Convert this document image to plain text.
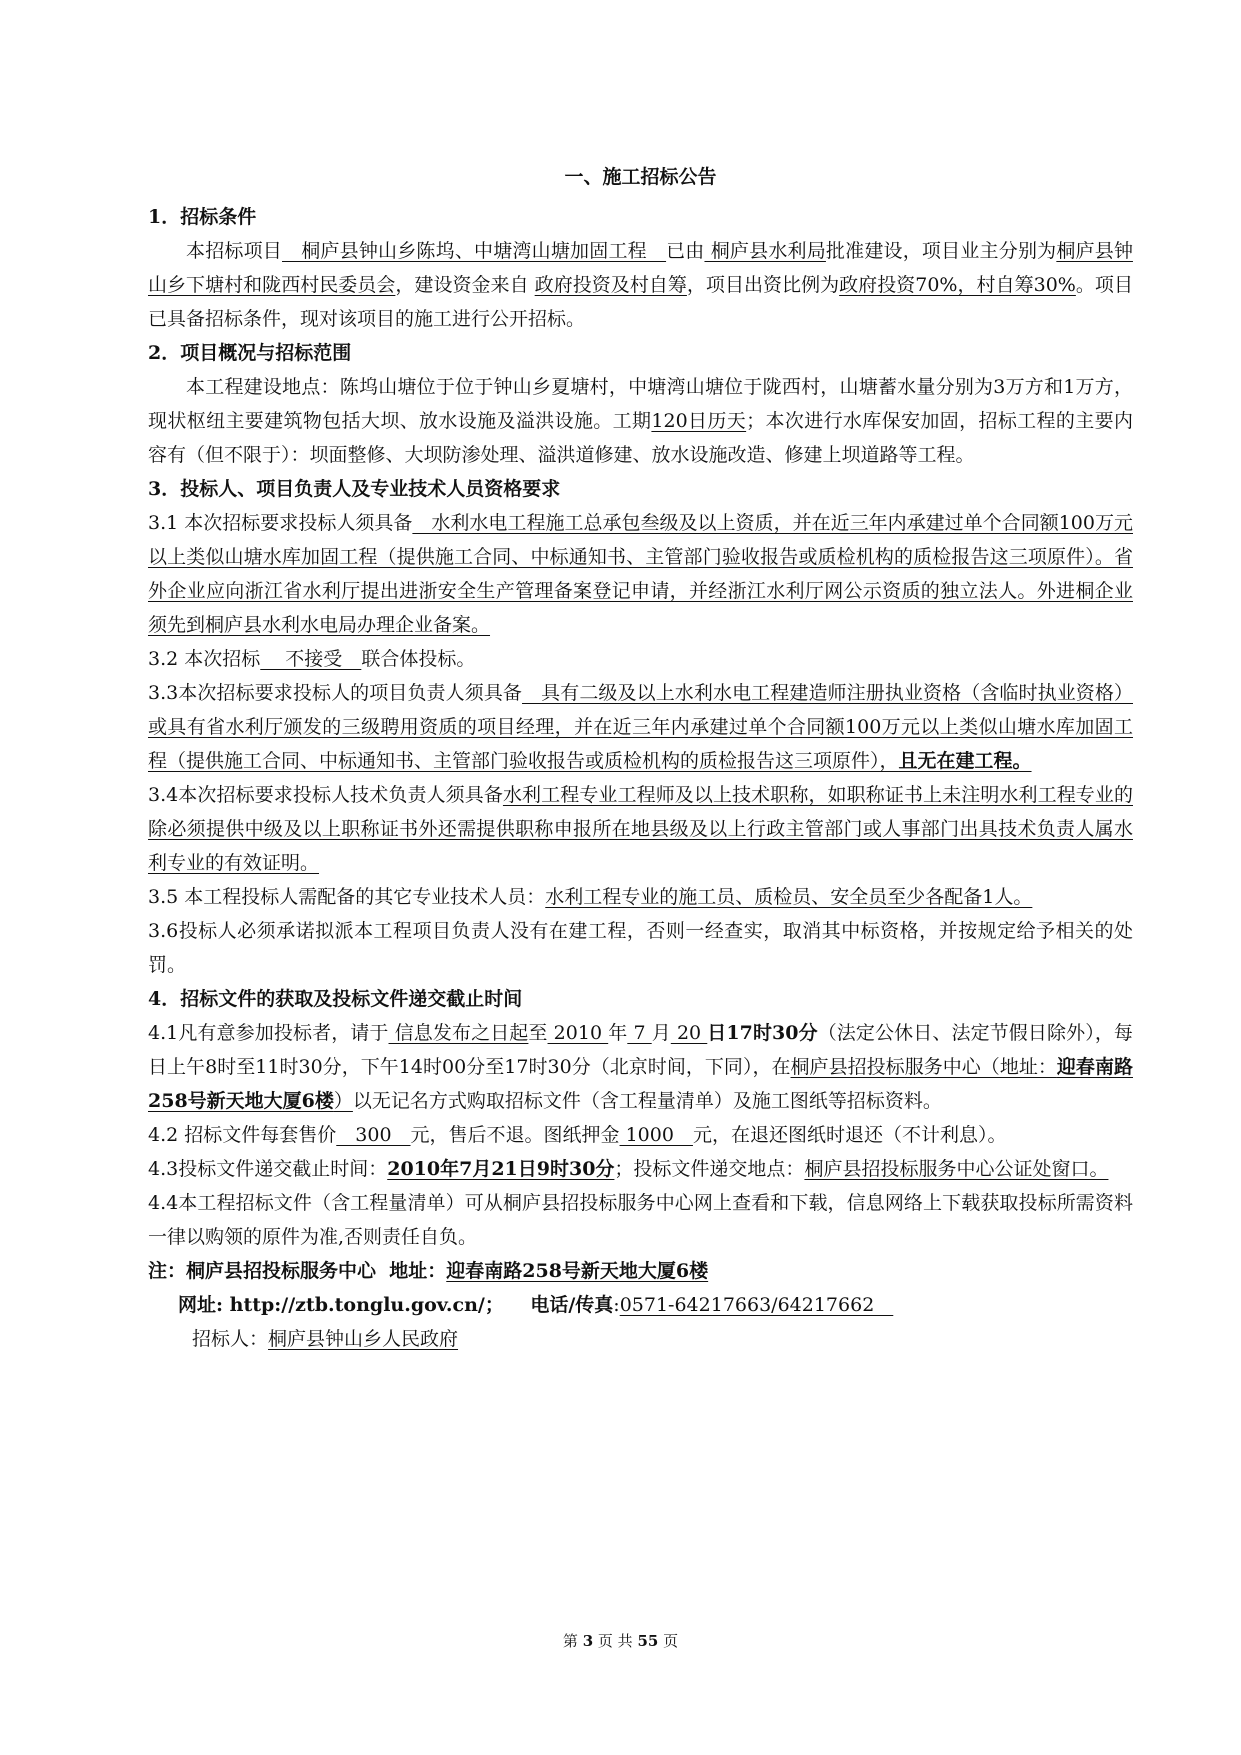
一、施工招标公告
1．招标条件

本招标项目　桐庐县钟山乡陈坞、中塘湾山塘加固工程　已由 桐庐县水利局批准建设，项目业主分别为桐庐县钟山乡下塘村和陇西村民委员会，建设资金来自 政府投资及村自筹，项目出资比例为政府投资70%，村自筹30%。项目已具备招标条件，现对该项目的施工进行公开招标。

2．项目概况与招标范围

本工程建设地点：陈坞山塘位于位于钟山乡夏塘村，中塘湾山塘位于陇西村，山塘蓄水量分别为3万方和1万方，现状枢纽主要建筑物包括大坝、放水设施及溢洪设施。工期120日历天；本次进行水库保安加固，招标工程的主要内容有（但不限于）：坝面整修、大坝防渗处理、溢洪道修建、放水设施改造、修建上坝道路等工程。

3．投标人、项目负责人及专业技术人员资格要求

3.1 本次招标要求投标人须具备　水利水电工程施工总承包叁级及以上资质，并在近三年内承建过单个合同额100万元以上类似山塘水库加固工程（提供施工合同、中标通知书、主管部门验收报告或质检机构的质检报告这三项原件）。省外企业应向浙江省水利厅提出进浙安全生产管理备案登记申请，并经浙江水利厅网公示资质的独立法人。外进桐企业须先到桐庐县水利水电局办理企业备案。

3.2 本次招标　 不接受　联合体投标。

3.3本次招标要求投标人的项目负责人须具备　具有二级及以上水利水电工程建造师注册执业资格（含临时执业资格）或具有省水利厅颁发的三级聘用资质的项目经理，并在近三年内承建过单个合同额100万元以上类似山塘水库加固工程（提供施工合同、中标通知书、主管部门验收报告或质检机构的质检报告这三项原件），且无在建工程。

3.4本次招标要求投标人技术负责人须具备水利工程专业工程师及以上技术职称，如职称证书上未注明水利工程专业的除必须提供中级及以上职称证书外还需提供职称申报所在地县级及以上行政主管部门或人事部门出具技术负责人属水利专业的有效证明。

3.5 本工程投标人需配备的其它专业技术人员：水利工程专业的施工员、质检员、安全员至少各配备1人。

3.6投标人必须承诺拟派本工程项目负责人没有在建工程，否则一经查实，取消其中标资格，并按规定给予相关的处罚。

4．招标文件的获取及投标文件递交截止时间

4.1凡有意参加投标者，请于 信息发布之日起至 2010 年 7 月 20 日17时30分（法定公休日、法定节假日除外），每日上午8时至11时30分，下午14时00分至17时30分（北京时间，下同），在桐庐县招投标服务中心（地址：迎春南路258号新天地大厦6楼）以无记名方式购取招标文件（含工程量清单）及施工图纸等招标资料。

4.2 招标文件每套售价　300　元，售后不退。图纸押金 1000　元，在退还图纸时退还（不计利息）。

4.3投标文件递交截止时间：2010年7月21日9时30分；投标文件递交地点：桐庐县招投标服务中心公证处窗口。

4.4本工程招标文件（含工程量清单）可从桐庐县招投标服务中心网上查看和下载，信息网络上下载获取投标所需资料一律以购领的原件为准,否则责任自负。

注：桐庐县招投标服务中心  地址：迎春南路258号新天地大厦6楼

网址: http://ztb.tonglu.gov.cn/；    电话/传真:0571-64217663/64217662　

招标人：桐庐县钟山乡人民政府

第 3 页 共 55 页
